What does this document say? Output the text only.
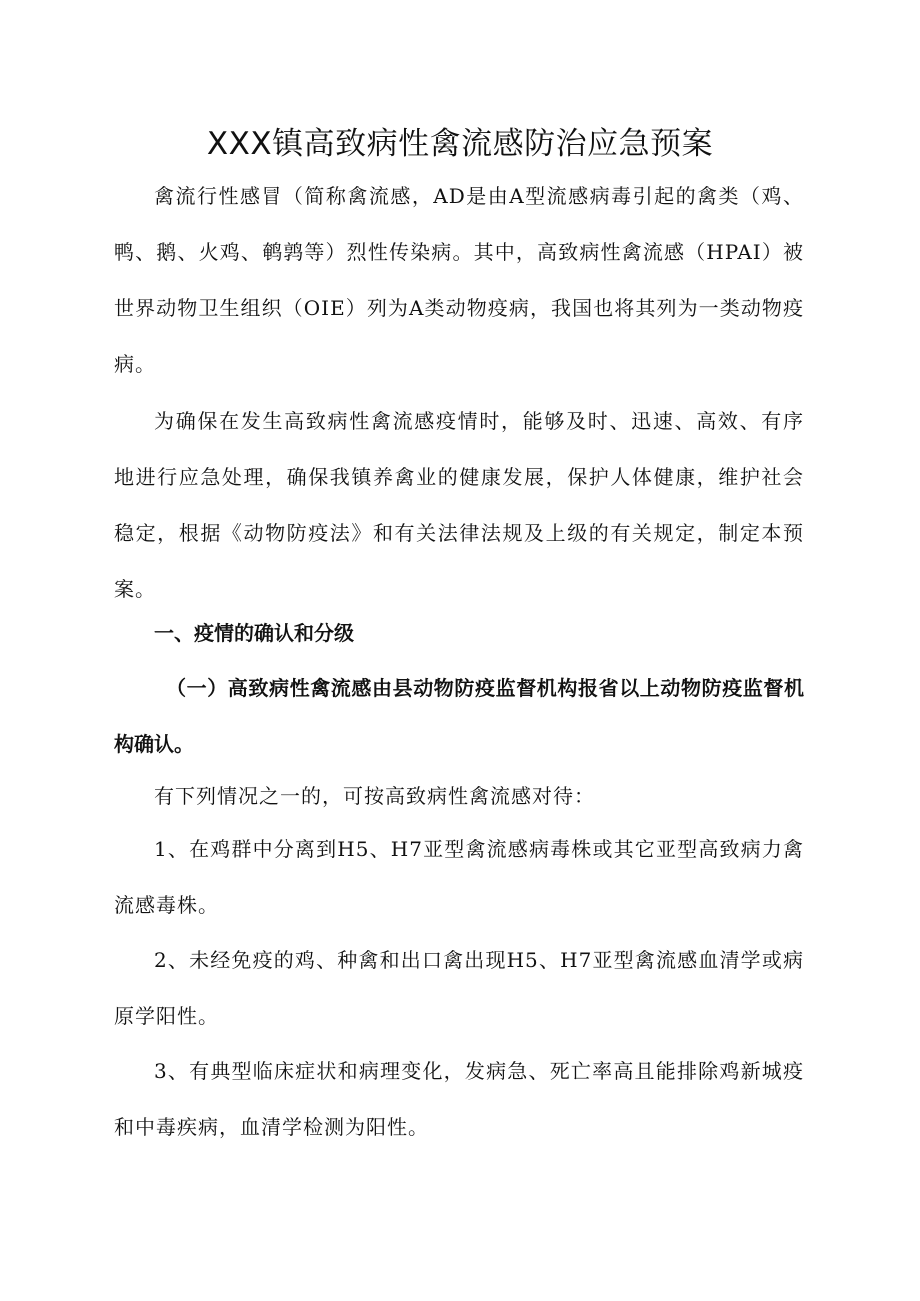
XXX镇高致病性禽流感防治应急预案

禽流行性感冒（简称禽流感，AD是由A型流感病毒引起的禽类（鸡、鸭、鹅、火鸡、鹌鹑等）烈性传染病。其中，高致病性禽流感（HPAI）被世界动物卫生组织（OIE）列为A类动物疫病，我国也将其列为一类动物疫病。

为确保在发生高致病性禽流感疫情时，能够及时、迅速、高效、有序地进行应急处理，确保我镇养禽业的健康发展，保护人体健康，维护社会稳定，根据《动物防疫法》和有关法律法规及上级的有关规定，制定本预案。

一、疫情的确认和分级
（一）高致病性禽流感由县动物防疫监督机构报省以上动物防疫监督机构确认。

有下列情况之一的，可按高致病性禽流感对待：

1、在鸡群中分离到H5、H7亚型禽流感病毒株或其它亚型高致病力禽流感毒株。

2、未经免疫的鸡、种禽和出口禽出现H5、H7亚型禽流感血清学或病原学阳性。

3、有典型临床症状和病理变化，发病急、死亡率高且能排除鸡新城疫和中毒疾病，血清学检测为阳性。
